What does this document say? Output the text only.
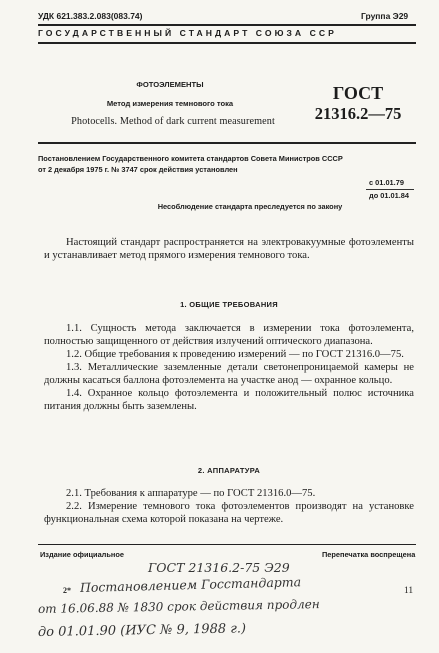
УДК 621.383.2.083(083.74)	Группа Э29
ГОСУДАРСТВЕННЫЙ СТАНДАРТ СОЮЗА ССР
ФОТОЭЛЕМЕНТЫ
Метод измерения темнового тока
Photocells. Method of dark current measurement
ГОСТ
21316.2—75
Постановлением Государственного комитета стандартов Совета Министров СССР
от 2 декабря 1975 г. № 3747 срок действия установлен
с 01.01.79
до 01.01.84
Несоблюдение стандарта преследуется по закону

Настоящий стандарт распространяется на электровакуумные фотоэлементы и устанавливает метод прямого измерения темнового тока.

1. ОБЩИЕ ТРЕБОВАНИЯ

1.1. Сущность метода заключается в измерении тока фотоэлемента, полностью защищенного от действия излучений оптического диапазона.

1.2. Общие требования к проведению измерений — по ГОСТ 21316.0—75.

1.3. Металлические заземленные детали светонепроницаемой камеры не должны касаться баллона фотоэлемента на участке анод — охранное кольцо.

1.4. Охранное кольцо фотоэлемента и положительный полюс источника питания должны быть заземлены.

2. АППАРАТУРА

2.1. Требования к аппаратуре — по ГОСТ 21316.0—75.

2.2. Измерение темнового тока фотоэлементов производят на установке функциональная схема которой показана на чертеже.

Издание официальное	Перепечатка воспрещена
2*	11
ГОСТ 21316.2-75 Э29
Постановлением Госстандарта
от 16.06.88 № 1830 срок действия продлен
до 01.01.90 (ИУС № 9, 1988 г.)
